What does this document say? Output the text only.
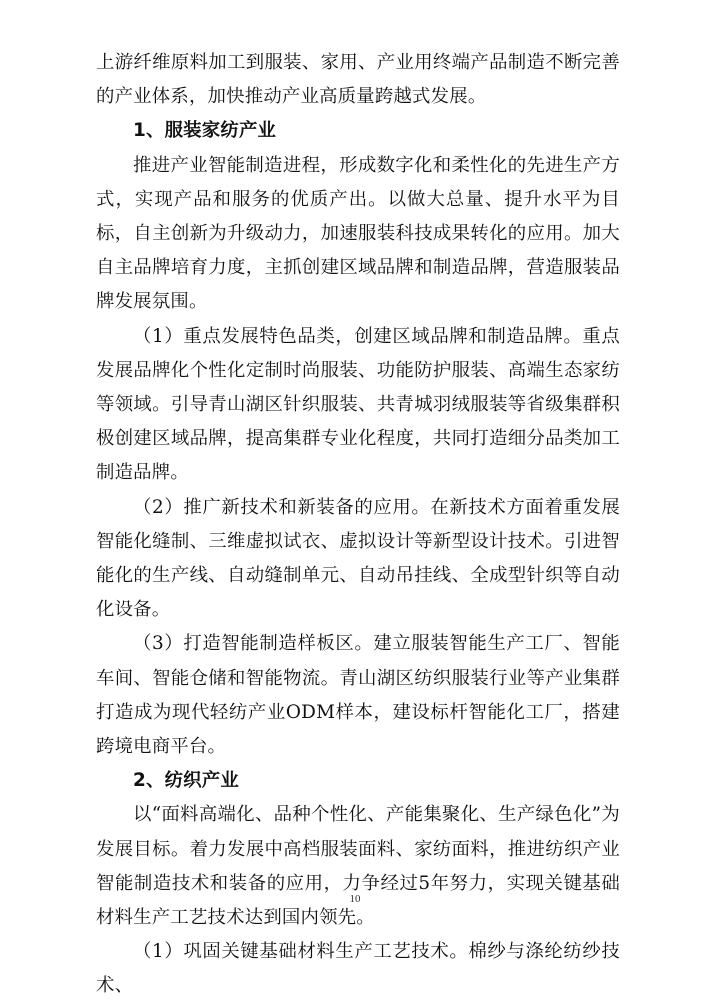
上游纤维原料加工到服装、家用、产业用终端产品制造不断完善的产业体系，加快推动产业高质量跨越式发展。

1、服装家纺产业

推进产业智能制造进程，形成数字化和柔性化的先进生产方式，实现产品和服务的优质产出。以做大总量、提升水平为目标，自主创新为升级动力，加速服装科技成果转化的应用。加大自主品牌培育力度，主抓创建区域品牌和制造品牌，营造服装品牌发展氛围。

（1）重点发展特色品类，创建区域品牌和制造品牌。重点发展品牌化个性化定制时尚服装、功能防护服装、高端生态家纺等领域。引导青山湖区针织服装、共青城羽绒服装等省级集群积极创建区域品牌，提高集群专业化程度，共同打造细分品类加工制造品牌。

（2）推广新技术和新装备的应用。在新技术方面着重发展智能化缝制、三维虚拟试衣、虚拟设计等新型设计技术。引进智能化的生产线、自动缝制单元、自动吊挂线、全成型针织等自动化设备。

（3）打造智能制造样板区。建立服装智能生产工厂、智能车间、智能仓储和智能物流。青山湖区纺织服装行业等产业集群打造成为现代轻纺产业ODM样本，建设标杆智能化工厂，搭建跨境电商平台。

2、纺织产业

以“面料高端化、品种个性化、产能集聚化、生产绿色化”为发展目标。着力发展中高档服装面料、家纺面料，推进纺织产业智能制造技术和装备的应用，力争经过5年努力，实现关键基础材料生产工艺技术达到国内领先。

（1）巩固关键基础材料生产工艺技术。棉纱与涤纶纺纱技术、

10
